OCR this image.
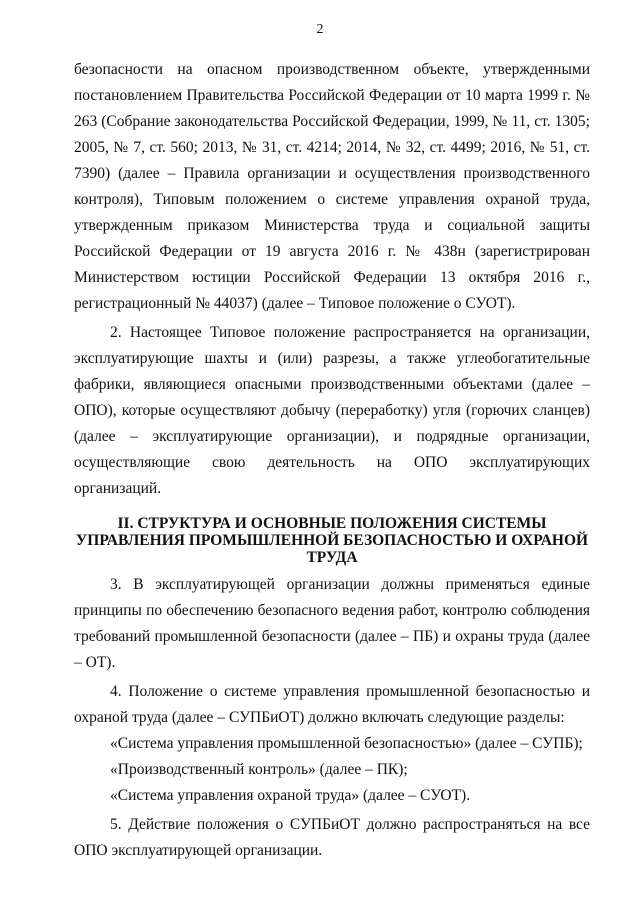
2

безопасности на опасном производственном объекте, утвержденными постановлением Правительства Российской Федерации от 10 марта 1999 г. № 263 (Собрание законодательства Российской Федерации, 1999, № 11, ст. 1305; 2005, № 7, ст. 560; 2013, № 31, ст. 4214; 2014, № 32, ст. 4499; 2016, № 51, ст. 7390) (далее – Правила организации и осуществления производственного контроля), Типовым положением о системе управления охраной труда, утвержденным приказом Министерства труда и социальной защиты Российской Федерации от 19 августа 2016 г. № 438н (зарегистрирован Министерством юстиции Российской Федерации 13 октября 2016 г., регистрационный № 44037) (далее – Типовое положение о СУОТ).

2. Настоящее Типовое положение распространяется на организации, эксплуатирующие шахты и (или) разрезы, а также углеобогатительные фабрики, являющиеся опасными производственными объектами (далее – ОПО), которые осуществляют добычу (переработку) угля (горючих сланцев) (далее – эксплуатирующие организации), и подрядные организации, осуществляющие свою деятельность на ОПО эксплуатирующих организаций.

II. СТРУКТУРА И ОСНОВНЫЕ ПОЛОЖЕНИЯ СИСТЕМЫ УПРАВЛЕНИЯ ПРОМЫШЛЕННОЙ БЕЗОПАСНОСТЬЮ И ОХРАНОЙ ТРУДА

3. В эксплуатирующей организации должны применяться единые принципы по обеспечению безопасного ведения работ, контролю соблюдения требований промышленной безопасности (далее – ПБ) и охраны труда (далее – ОТ).

4. Положение о системе управления промышленной безопасностью и охраной труда (далее – СУПБиОТ) должно включать следующие разделы:

«Система управления промышленной безопасностью» (далее – СУПБ);

«Производственный контроль» (далее – ПК);

«Система управления охраной труда» (далее – СУОТ).

5. Действие положения о СУПБиОТ должно распространяться на все ОПО эксплуатирующей организации.
